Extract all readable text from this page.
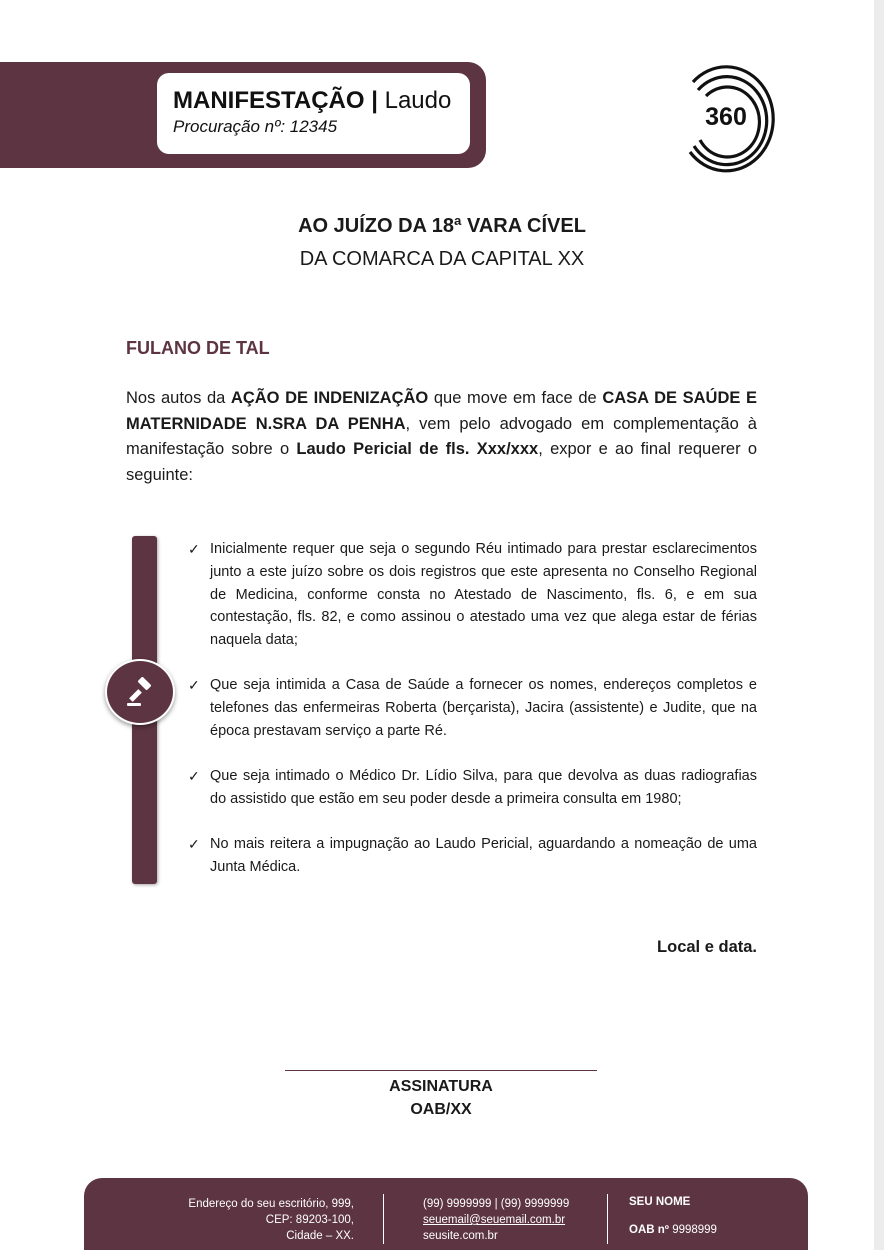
MANIFESTAÇÃO | Laudo
Procuração nº: 12345	360
AO JUÍZO DA 18ª VARA CÍVEL
DA COMARCA DA CAPITAL XX
FULANO DE TAL
Nos autos da AÇÃO DE INDENIZAÇÃO que move em face de CASA DE SAÚDE E MATERNIDADE N.SRA DA PENHA, vem pelo advogado em complementação à manifestação sobre o Laudo Pericial de fls. Xxx/xxx, expor e ao final requerer o seguinte:
✓ Inicialmente requer que seja o segundo Réu intimado para prestar esclarecimentos junto a este juízo sobre os dois registros que este apresenta no Conselho Regional de Medicina, conforme consta no Atestado de Nascimento, fls. 6, e em sua contestação, fls. 82, e como assinou o atestado uma vez que alega estar de férias naquela data;
✓ Que seja intimida a Casa de Saúde a fornecer os nomes, endereços completos e telefones das enfermeiras Roberta (berçarista), Jacira (assistente) e Judite, que na época prestavam serviço a parte Ré.
✓ Que seja intimado o Médico Dr. Lídio Silva, para que devolva as duas radiografias do assistido que estão em seu poder desde a primeira consulta em 1980;
✓ No mais reitera a impugnação ao Laudo Pericial, aguardando a nomeação de uma Junta Médica.
Local e data.
ASSINATURA
OAB/XX
Endereço do seu escritório, 999,
CEP: 89203-100,
Cidade – XX.
(99) 9999999 | (99) 9999999
seuemail@seuemail.com.br
seusite.com.br
SEU NOME
OAB nº 9998999
